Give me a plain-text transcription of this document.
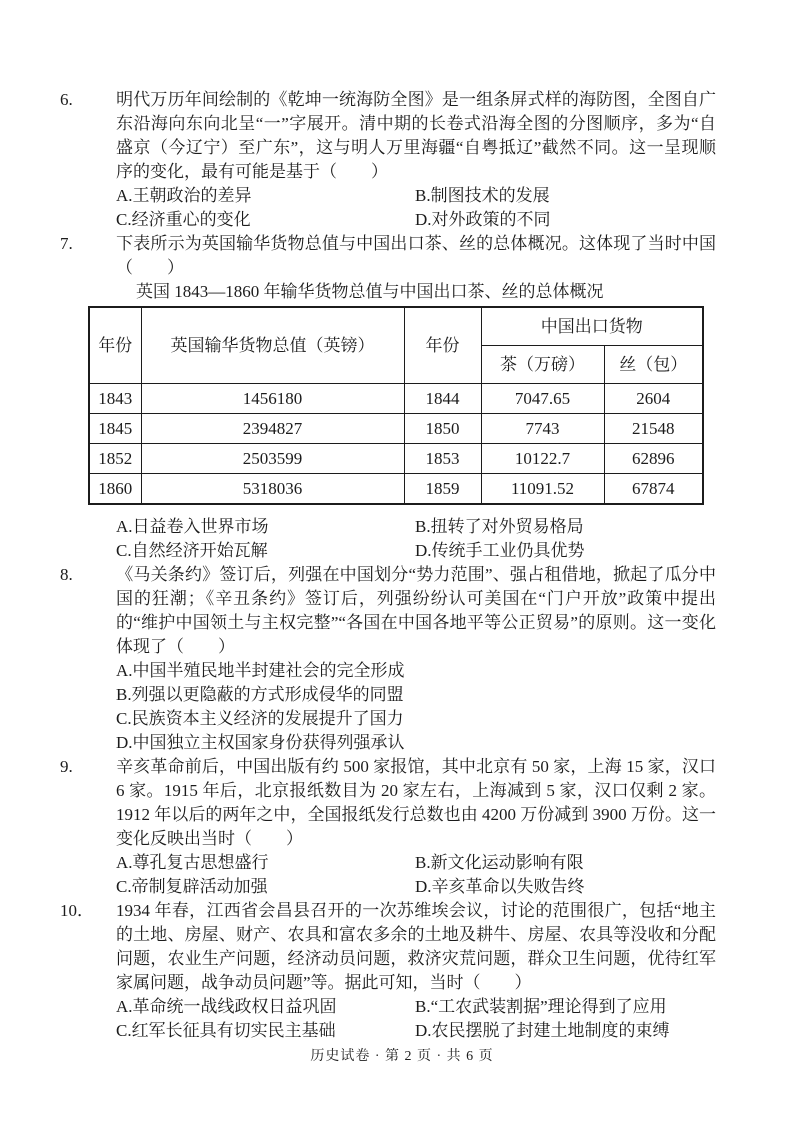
6.	明代万历年间绘制的《乾坤一统海防全图》是一组条屏式样的海防图，全图自广东沿海向东向北呈“一”字展开。清中期的长卷式沿海全图的分图顺序，多为“自盛京（今辽宁）至广东”，这与明人万里海疆“自粤抵辽”截然不同。这一呈现顺序的变化，最有可能是基于（　　）

A.王朝政治的差异	B.制图技术的发展
C.经济重心的变化	D.对外政策的不同

7.	下表所示为英国输华货物总值与中国出口茶、丝的总体概况。这体现了当时中国（　　）

英国 1843—1860 年输华货物总值与中国出口茶、丝的总体概况

年份	英国输华货物总值（英镑）	年份	中国出口货物	
			茶（万磅）	丝（包）
1843	1456180	1844	7047.65	2604
1845	2394827	1850	7743	21548
1852	2503599	1853	10122.7	62896
1860	5318036	1859	11091.52	67874
A.日益卷入世界市场	B.扭转了对外贸易格局
C.自然经济开始瓦解	D.传统手工业仍具优势

8.	《马关条约》签订后，列强在中国划分“势力范围”、强占租借地，掀起了瓜分中国的狂潮；《辛丑条约》签订后，列强纷纷认可美国在“门户开放”政策中提出的“维护中国领土与主权完整”“各国在中国各地平等公正贸易”的原则。这一变化体现了（　　）

A.中国半殖民地半封建社会的完全形成
B.列强以更隐蔽的方式形成侵华的同盟
C.民族资本主义经济的发展提升了国力
D.中国独立主权国家身份获得列强承认

9.	辛亥革命前后，中国出版有约 500 家报馆，其中北京有 50 家，上海 15 家，汉口 6 家。1915 年后，北京报纸数目为 20 家左右，上海减到 5 家，汉口仅剩 2 家。1912 年以后的两年之中，全国报纸发行总数也由 4200 万份减到 3900 万份。这一变化反映出当时（　　）

A.尊孔复古思想盛行	B.新文化运动影响有限
C.帝制复辟活动加强	D.辛亥革命以失败告终

10． 1934 年春，江西省会昌县召开的一次苏维埃会议，讨论的范围很广，包括“地主的土地、房屋、财产、农具和富农多余的土地及耕牛、房屋、农具等没收和分配问题，农业生产问题，经济动员问题，救济灾荒问题，群众卫生问题，优待红军家属问题，战争动员问题”等。据此可知，当时（　　）

A.革命统一战线政权日益巩固	B.“工农武装割据”理论得到了应用
C.红军长征具有切实民主基础	D.农民摆脱了封建土地制度的束缚

历史试卷 · 第 2 页 · 共 6 页
